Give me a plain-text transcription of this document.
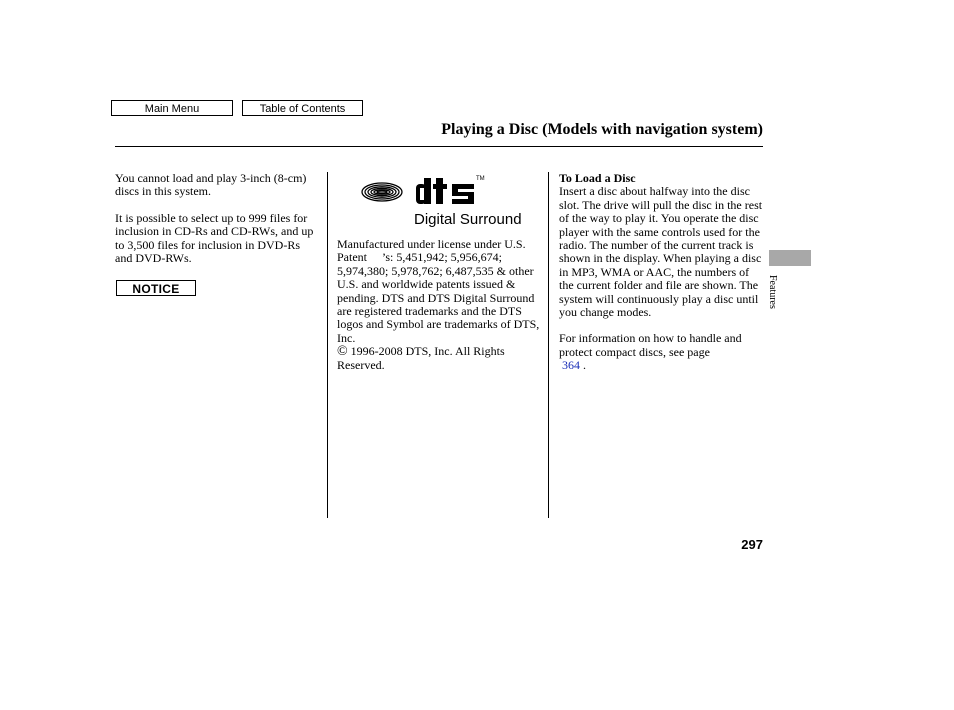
Main Menu	Table of Contents
Playing a Disc (Models with navigation system)

You cannot load and play 3-inch (8-cm) discs in this system.

It is possible to select up to 999 files for inclusion in CD-Rs and CD-RWs, and up to 3,500 files for inclusion in DVD-Rs and DVD-RWs.

NOTICE
TM
Digital Surround

Manufactured under license under U.S. Patent ’s: 5,451,942; 5,956,674; 5,974,380; 5,978,762; 6,487,535 & other U.S. and worldwide patents issued & pending. DTS and DTS Digital Surround are registered trademarks and the DTS logos and Symbol are trademarks of DTS, Inc.

© 1996-2008 DTS, Inc. All Rights Reserved.

To Load a Disc

Insert a disc about halfway into the disc slot. The drive will pull the disc in the rest of the way to play it. You operate the disc player with the same controls used for the radio. The number of the current track is shown in the display. When playing a disc in MP3, WMA or AAC, the numbers of the current folder and file are shown. The system will continuously play a disc until you change modes.

For information on how to handle and protect compact discs, see page
364 .

Features
297
